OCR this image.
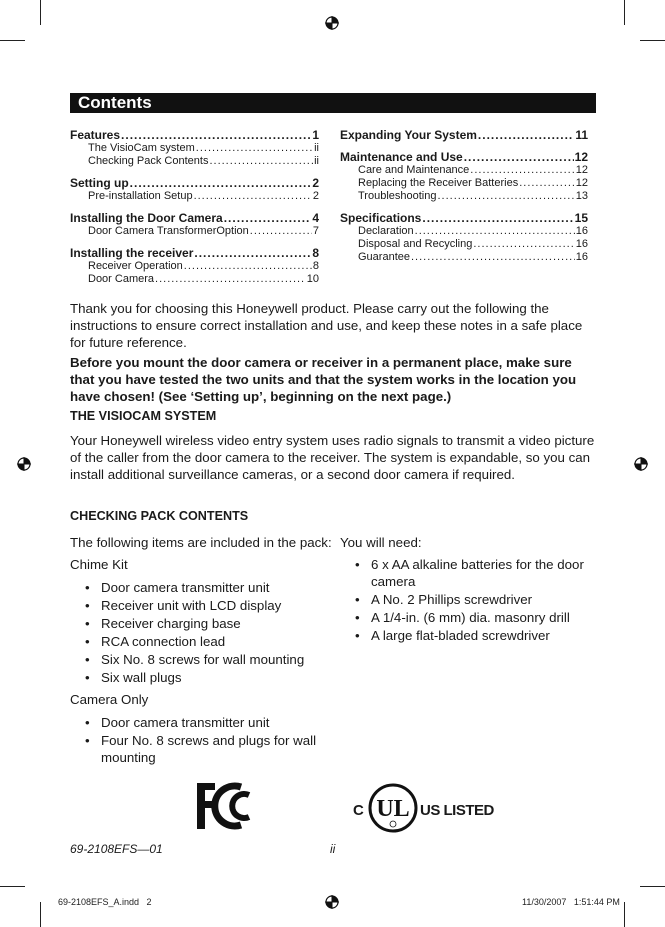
Contents
Features .....	1
The VisioCam system .....	ii
Checking Pack Contents .....	ii
Setting up .....	2
Pre-installation Setup .....	2
Installing the Door Camera .....	4
Door Camera TransformerOption .....	7
Installing the receiver .....	8
Receiver Operation .....	8
Door Camera .....	10
Expanding Your System .....	11
Maintenance and Use .....	12
Care and Maintenance .....	12
Replacing the Receiver Batteries .....	12
Troubleshooting .....	13
Specifications .....	15
Declaration .....	16
Disposal and Recycling .....	16
Guarantee .....	16
Thank you for choosing this Honeywell product. Please carry out the following the instructions to ensure correct installation and use, and keep these notes in a safe place for future reference.
Before you mount the door camera or receiver in a permanent place, make sure that you have tested the two units and that the system works in the location you have chosen! (See ‘Setting up’, beginning on the next page.)
THE VISIOCAM SYSTEM
Your Honeywell wireless video entry system uses radio signals to transmit a video picture of the caller from the door camera to the receiver. The system is expandable, so you can install additional surveillance cameras, or a second door camera if required.
CHECKING PACK CONTENTS
The following items are included in the pack:
Chime Kit
• Door camera transmitter unit
• Receiver unit with LCD display
• Receiver charging base
• RCA connection lead
• Six No. 8 screws for wall mounting
• Six wall plugs
Camera Only
• Door camera transmitter unit
• Four No. 8 screws and plugs for wall mounting
You will need:
• 6 x AA alkaline batteries for the door camera
• A No. 2 Phillips screwdriver
• A 1/4-in. (6 mm) dia. masonry drill
• A large flat-bladed screwdriver
C UL US LISTED
69-2108EFS—01	ii
69-2108EFS_A.indd   2	11/30/2007   1:51:44 PM
